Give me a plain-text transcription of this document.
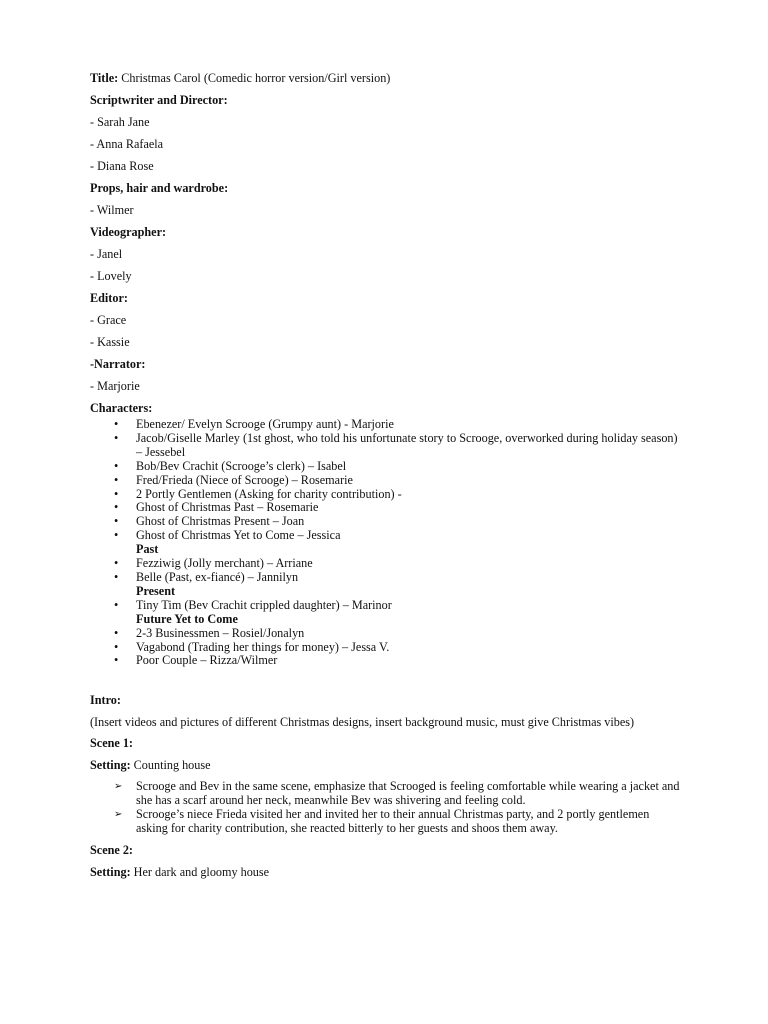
Title: Christmas Carol (Comedic horror version/Girl version)

Scriptwriter and Director:

- Sarah Jane

- Anna Rafaela

- Diana Rose

Props, hair and wardrobe:

- Wilmer

Videographer:

- Janel

- Lovely

Editor:

- Grace

- Kassie

-Narrator:

- Marjorie

Characters:

• Ebenezer/ Evelyn Scrooge (Grumpy aunt) - Marjorie
• Jacob/Giselle Marley (1st ghost, who told his unfortunate story to Scrooge, overworked during holiday season) – Jessebel
• Bob/Bev Crachit (Scrooge’s clerk) – Isabel
• Fred/Frieda (Niece of Scrooge) – Rosemarie
• 2 Portly Gentlemen (Asking for charity contribution) -
• Ghost of Christmas Past – Rosemarie
• Ghost of Christmas Present – Joan
• Ghost of Christmas Yet to Come – Jessica
Past
• Fezziwig (Jolly merchant) – Arriane
• Belle (Past, ex-fiancé) – Jannilyn
Present
• Tiny Tim (Bev Crachit crippled daughter) – Marinor
Future Yet to Come
• 2-3 Businessmen – Rosiel/Jonalyn
• Vagabond (Trading her things for money) – Jessa V.
• Poor Couple – Rizza/Wilmer

Intro:

(Insert videos and pictures of different Christmas designs, insert background music, must give Christmas vibes)

Scene 1:

Setting: Counting house

➢ Scrooge and Bev in the same scene, emphasize that Scrooged is feeling comfortable while wearing a jacket and she has a scarf around her neck, meanwhile Bev was shivering and feeling cold.
➢ Scrooge’s niece Frieda visited her and invited her to their annual Christmas party, and 2 portly gentlemen asking for charity contribution, she reacted bitterly to her guests and shoos them away.

Scene 2:

Setting: Her dark and gloomy house
